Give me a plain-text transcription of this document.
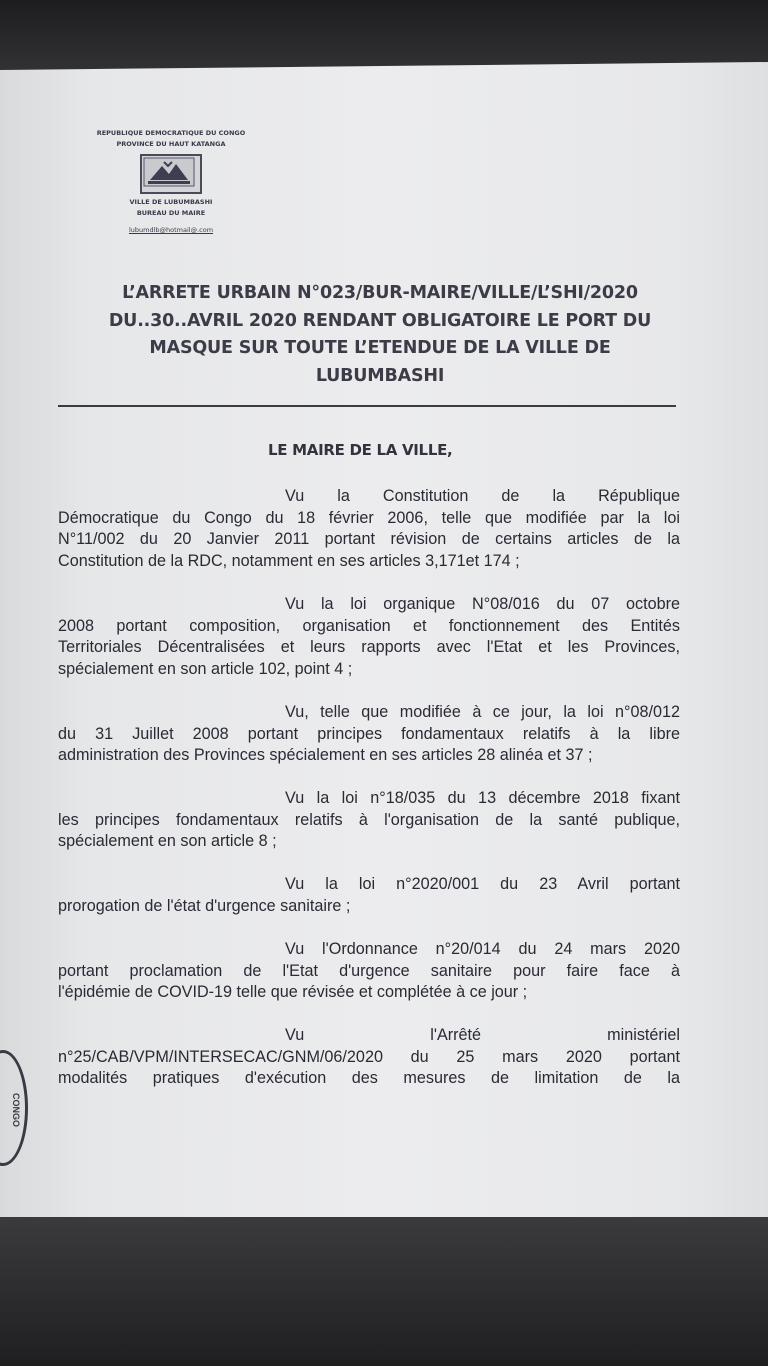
CONGO
REPUBLIQUE DEMOCRATIQUE DU CONGO
PROVINCE DU HAUT KATANGA
VILLE DE LUBUMBASHI
BUREAU DU MAIRE
lubumdlb@hotmail@.com
L’ARRETE URBAIN N°023/BUR-MAIRE/VILLE/L’SHI/2020
DU..30..AVRIL 2020 RENDANT OBLIGATOIRE LE PORT DU
MASQUE SUR TOUTE L’ETENDUE DE LA VILLE DE
LUBUMBASHI
LE MAIRE DE LA VILLE,
Vu la Constitution de la République
Démocratique du Congo du 18 février 2006, telle que modifiée par la loi
N°11/002 du 20 Janvier 2011 portant révision de certains articles de la
Constitution de la RDC, notamment en ses articles 3,171et 174 ;
Vu la loi organique N°08/016 du 07 octobre
2008 portant composition, organisation et fonctionnement des Entités
Territoriales Décentralisées et leurs rapports avec l'Etat et les Provinces,
spécialement en son article 102, point 4 ;
Vu, telle que modifiée à ce jour, la loi n°08/012
du 31 Juillet 2008 portant principes fondamentaux relatifs à la libre
administration des Provinces spécialement en ses articles 28 alinéa et 37 ;
Vu la loi n°18/035 du 13 décembre 2018 fixant
les principes fondamentaux relatifs à l'organisation de la santé publique,
spécialement en son article 8 ;
Vu la loi n°2020/001 du 23 Avril portant
prorogation de l'état d'urgence sanitaire ;
Vu l'Ordonnance n°20/014 du 24 mars 2020
portant proclamation de l'Etat d'urgence sanitaire pour faire face à
l'épidémie de COVID-19 telle que révisée et complétée à ce jour ;
Vu l'Arrêté ministériel
n°25/CAB/VPM/INTERSECAC/GNM/06/2020 du 25 mars 2020 portant
modalités pratiques d'exécution des mesures de limitation de la
